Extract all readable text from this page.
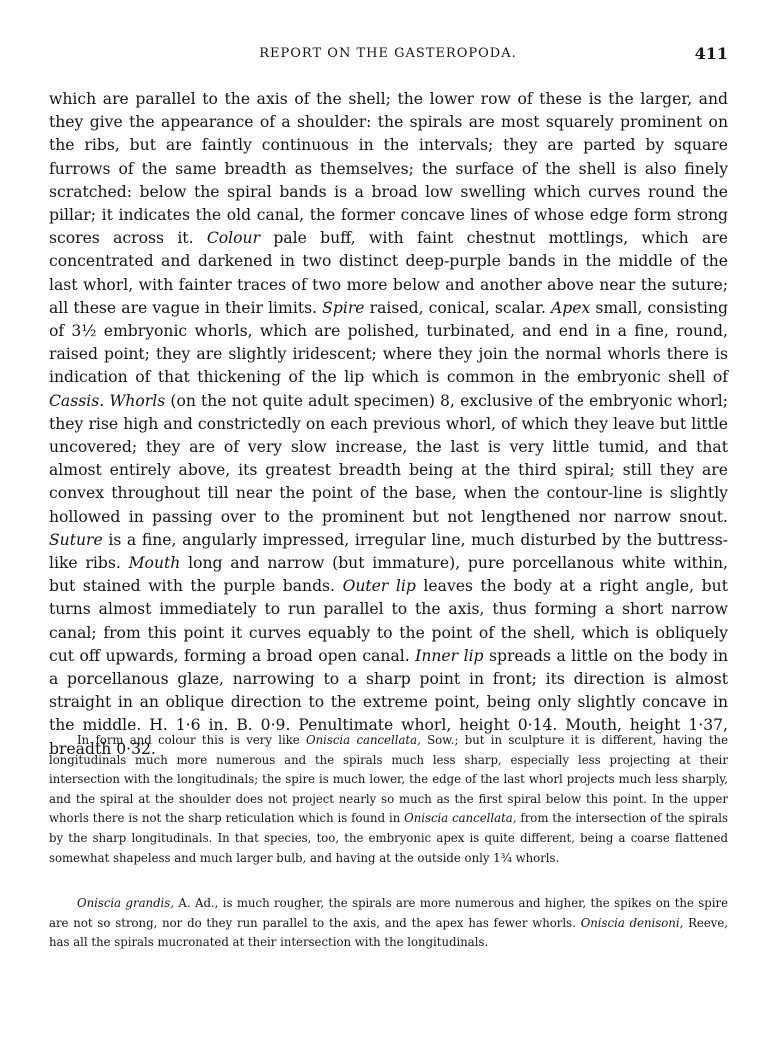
REPORT ON THE GASTEROPODA.	411

which are parallel to the axis of the shell; the lower row of these is the larger, and they give the appearance of a shoulder: the spirals are most squarely prominent on the ribs, but are faintly continuous in the intervals; they are parted by square furrows of the same breadth as themselves; the surface of the shell is also finely scratched: below the spiral bands is a broad low swelling which curves round the pillar; it indicates the old canal, the former concave lines of whose edge form strong scores across it. Colour pale buff, with faint chestnut mottlings, which are concentrated and darkened in two distinct deep-purple bands in the middle of the last whorl, with fainter traces of two more below and another above near the suture; all these are vague in their limits. Spire raised, conical, scalar. Apex small, consisting of 3½ embryonic whorls, which are polished, turbinated, and end in a fine, round, raised point; they are slightly iridescent; where they join the normal whorls there is indication of that thickening of the lip which is common in the embryonic shell of Cassis. Whorls (on the not quite adult specimen) 8, exclusive of the embryonic whorl; they rise high and constrictedly on each previous whorl, of which they leave but little uncovered; they are of very slow increase, the last is very little tumid, and that almost entirely above, its greatest breadth being at the third spiral; still they are convex throughout till near the point of the base, when the contour-line is slightly hollowed in passing over to the prominent but not lengthened nor narrow snout. Suture is a fine, angularly impressed, irregular line, much disturbed by the buttress-like ribs. Mouth long and narrow (but immature), pure porcellanous white within, but stained with the purple bands. Outer lip leaves the body at a right angle, but turns almost immediately to run parallel to the axis, thus forming a short narrow canal; from this point it curves equably to the point of the shell, which is obliquely cut off upwards, forming a broad open canal. Inner lip spreads a little on the body in a porcellanous glaze, narrowing to a sharp point in front; its direction is almost straight in an oblique direction to the extreme point, being only slightly concave in the middle. H. 1·6 in. B. 0·9. Penultimate whorl, height 0·14. Mouth, height 1·37, breadth 0·32.

In form and colour this is very like Oniscia cancellata, Sow.; but in sculpture it is different, having the longitudinals much more numerous and the spirals much less sharp, especially less projecting at their intersection with the longitudinals; the spire is much lower, the edge of the last whorl projects much less sharply, and the spiral at the shoulder does not project nearly so much as the first spiral below this point. In the upper whorls there is not the sharp reticulation which is found in Oniscia cancellata, from the intersection of the spirals by the sharp longitudinals. In that species, too, the embryonic apex is quite different, being a coarse flattened somewhat shapeless and much larger bulb, and having at the outside only 1¾ whorls.

Oniscia grandis, A. Ad., is much rougher, the spirals are more numerous and higher, the spikes on the spire are not so strong, nor do they run parallel to the axis, and the apex has fewer whorls. Oniscia denisoni, Reeve, has all the spirals mucronated at their intersection with the longitudinals.
